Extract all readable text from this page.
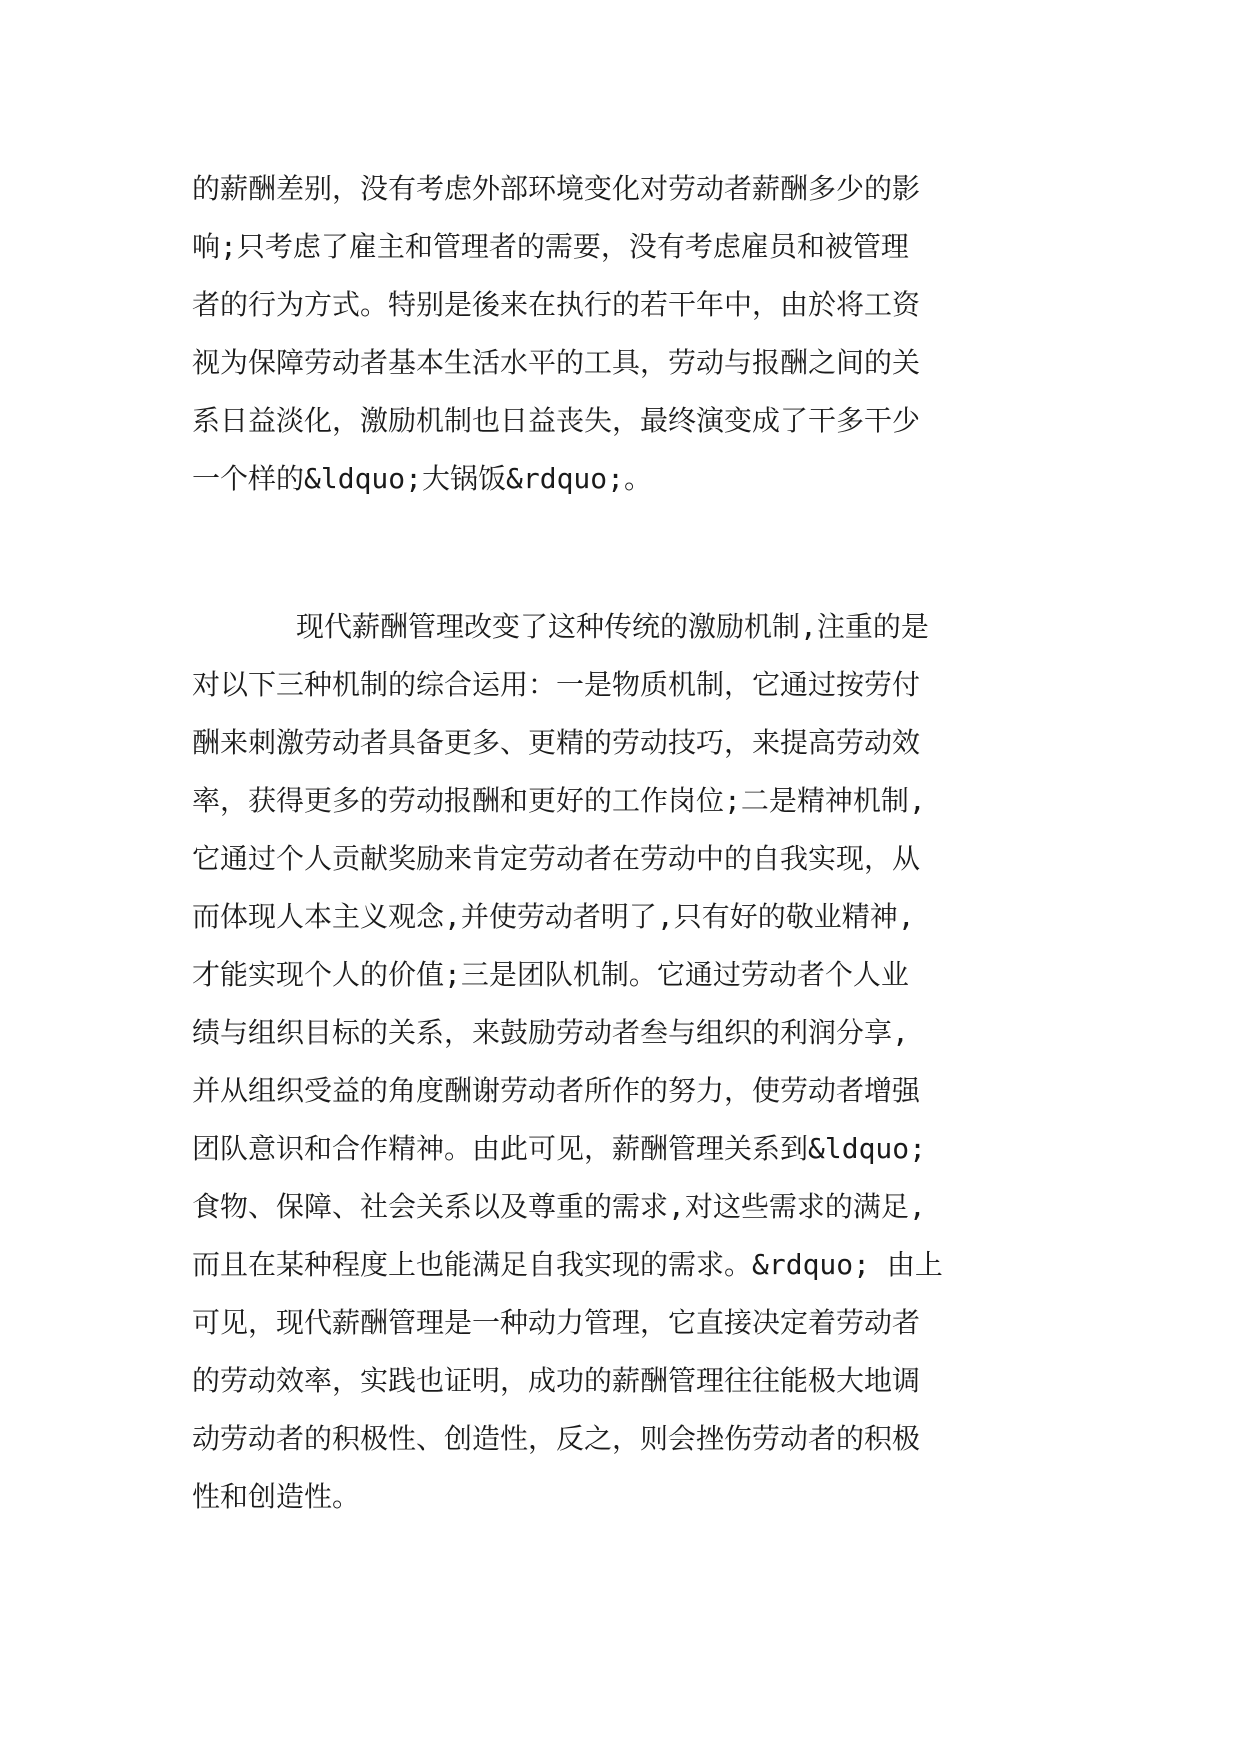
的薪酬差别，没有考虑外部环境变化对劳动者薪酬多少的影
响;只考虑了雇主和管理者的需要，没有考虑雇员和被管理
者的行为方式。特别是後来在执行的若干年中，由於将工资
视为保障劳动者基本生活水平的工具，劳动与报酬之间的关
系日益淡化，激励机制也日益丧失，最终演变成了干多干少
一个样的&ldquo;大锅饭&rdquo;。
现代薪酬管理改变了这种传统的激励机制,注重的是
对以下三种机制的综合运用：一是物质机制，它通过按劳付
酬来刺激劳动者具备更多、更精的劳动技巧，来提高劳动效
率，获得更多的劳动报酬和更好的工作岗位;二是精神机制,
它通过个人贡献奖励来肯定劳动者在劳动中的自我实现，从
而体现人本主义观念,并使劳动者明了,只有好的敬业精神,
才能实现个人的价值;三是团队机制。它通过劳动者个人业
绩与组织目标的关系，来鼓励劳动者叁与组织的利润分享,
并从组织受益的角度酬谢劳动者所作的努力，使劳动者增强
团队意识和合作精神。由此可见，薪酬管理关系到&ldquo;
食物、保障、社会关系以及尊重的需求,对这些需求的满足,
而且在某种程度上也能满足自我实现的需求。&rdquo; 由上
可见，现代薪酬管理是一种动力管理，它直接决定着劳动者
的劳动效率，实践也证明，成功的薪酬管理往往能极大地调
动劳动者的积极性、创造性，反之，则会挫伤劳动者的积极
性和创造性。
